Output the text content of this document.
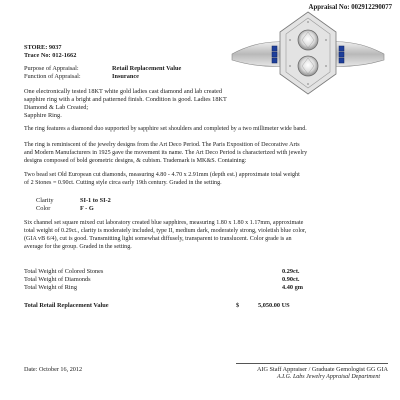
Appraisal No: 002912290077
STORE: 9037
Trace No: 012-1662
Purpose of Appraisal:	Retail Replacement Value
Function of Appraisal:	Insurance
One electronically tested 18KT white gold ladies cast diamond and lab created
sapphire ring with a bright and patterned finish. Condition is good. Ladies 18KT
Diamond & Lab Created;
Sapphire Ring.
The ring features a diamond duo supported by sapphire set shoulders and completed by a two millimeter wide band.
The ring is reminiscent of the jewelry designs from the Art Deco Period. The Paris Exposition of Decorative Arts
and Modern Manufacturers in 1925 gave the movement its name. The Art Deco Period is characterized with jewelry
designs composed of bold geometric designs, & cubism. Trademark is MK&S. Containing:
Two bead set Old European cut diamonds, measuring 4.80 - 4.70 x 2.91mm (depth est.) approximate total weight
of 2 Stones = 0.90ct. Cutting style circa early 19th century. Graded in the setting.
Clarity	SI-1 to SI-2
Color	F - G
Six channel set square mixed cut laboratory created blue sapphires, measuring 1.80 x 1.80 x 1.17mm, approximate
total weight of 0.29ct., clarity is moderately included, type II, medium dark, moderately strong, violetish blue color,
(GIA vB 6/4), cut is good. Transmitting light somewhat diffusely, transparent to translucent. Color grade is an
average for the group. Graded in the setting.
Total Weight of Colored Stones	0.29ct.
Total Weight of Diamonds	0.90ct.
Total Weight of Ring	4.40 gm
Total Retail Replacement Value	$	5,050.00 US
Date: October 16, 2012	AIG Staff Appraiser / Graduate Gemologist GG GIA
A.I.G. Labs Jewelry Appraisal Department
